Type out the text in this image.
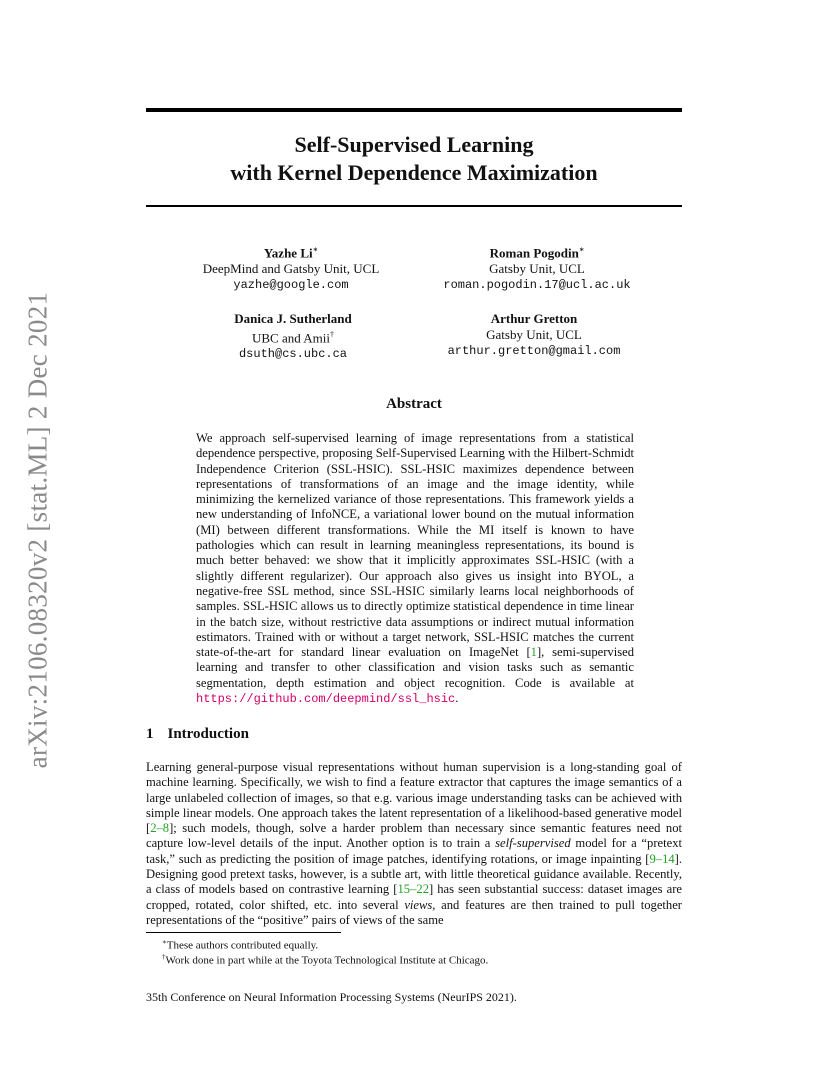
arXiv:2106.08320v2 [stat.ML] 2 Dec 2021
Self-Supervised Learning
with Kernel Dependence Maximization
Yazhe Li∗
DeepMind and Gatsby Unit, UCL
yazhe@google.com
Roman Pogodin∗
Gatsby Unit, UCL
roman.pogodin.17@ucl.ac.uk
Danica J. Sutherland
UBC and Amii†
dsuth@cs.ubc.ca
Arthur Gretton
Gatsby Unit, UCL
arthur.gretton@gmail.com
Abstract
We approach self-supervised learning of image representations from a statistical dependence perspective, proposing Self-Supervised Learning with the Hilbert-Schmidt Independence Criterion (SSL-HSIC). SSL-HSIC maximizes dependence between representations of transformations of an image and the image identity, while minimizing the kernelized variance of those representations. This framework yields a new understanding of InfoNCE, a variational lower bound on the mutual information (MI) between different transformations. While the MI itself is known to have pathologies which can result in learning meaningless representations, its bound is much better behaved: we show that it implicitly approximates SSL-HSIC (with a slightly different regularizer). Our approach also gives us insight into BYOL, a negative-free SSL method, since SSL-HSIC similarly learns local neighborhoods of samples. SSL-HSIC allows us to directly optimize statistical dependence in time linear in the batch size, without restrictive data assumptions or indirect mutual information estimators. Trained with or without a target network, SSL-HSIC matches the current state-of-the-art for standard linear evaluation on ImageNet [1], semi-supervised learning and transfer to other classification and vision tasks such as semantic segmentation, depth estimation and object recognition. Code is available at https://github.com/deepmind/ssl_hsic.
1 Introduction
Learning general-purpose visual representations without human supervision is a long-standing goal of machine learning. Specifically, we wish to find a feature extractor that captures the image semantics of a large unlabeled collection of images, so that e.g. various image understanding tasks can be achieved with simple linear models. One approach takes the latent representation of a likelihood-based generative model [2–8]; such models, though, solve a harder problem than necessary since semantic features need not capture low-level details of the input. Another option is to train a self-supervised model for a “pretext task,” such as predicting the position of image patches, identifying rotations, or image inpainting [9–14]. Designing good pretext tasks, however, is a subtle art, with little theoretical guidance available. Recently, a class of models based on contrastive learning [15–22] has seen substantial success: dataset images are cropped, rotated, color shifted, etc. into several views, and features are then trained to pull together representations of the “positive” pairs of views of the same
∗These authors contributed equally.
†Work done in part while at the Toyota Technological Institute at Chicago.
35th Conference on Neural Information Processing Systems (NeurIPS 2021).
